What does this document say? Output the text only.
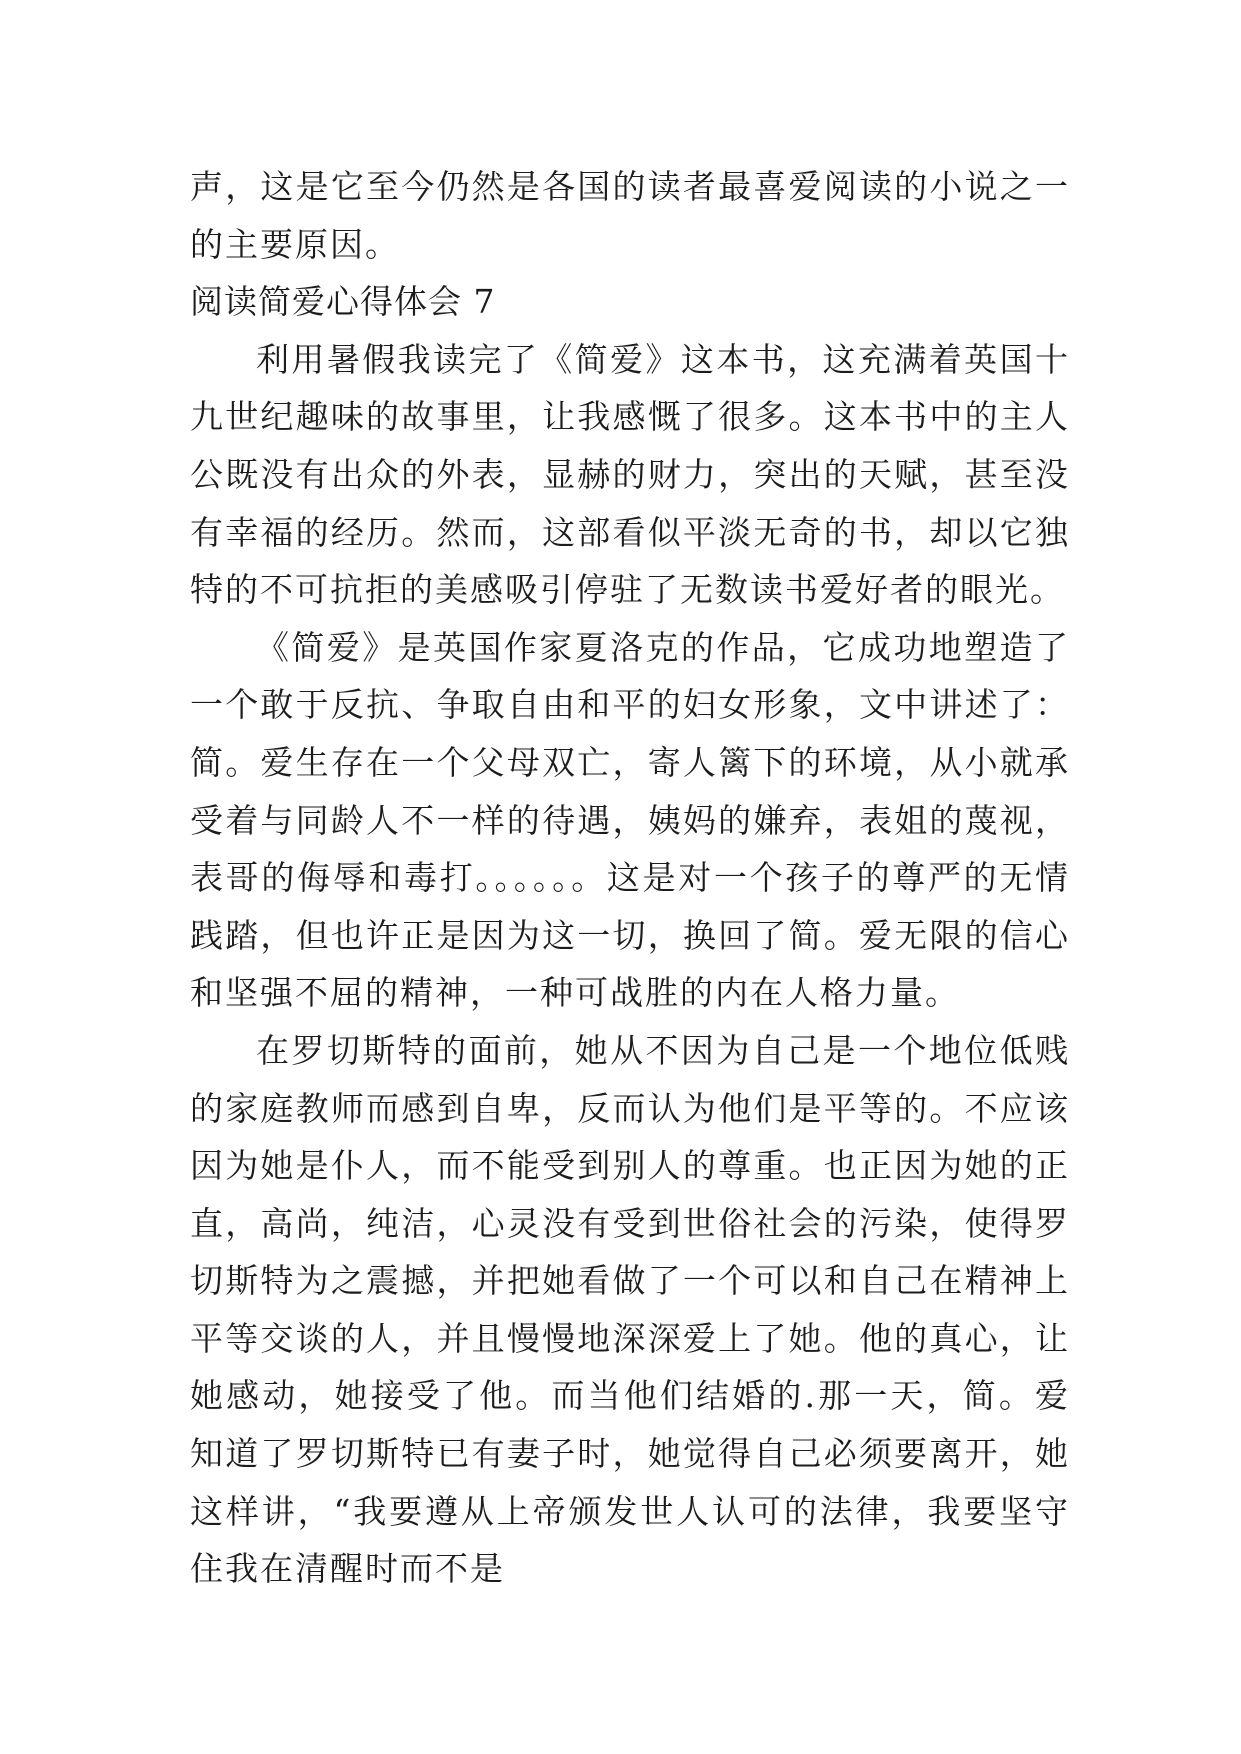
声，这是它至今仍然是各国的读者最喜爱阅读的小说之一的主要原因。

阅读简爱心得体会 7

利用暑假我读完了《简爱》这本书，这充满着英国十九世纪趣味的故事里，让我感慨了很多。这本书中的主人公既没有出众的外表，显赫的财力，突出的天赋，甚至没有幸福的经历。然而，这部看似平淡无奇的书，却以它独特的不可抗拒的美感吸引停驻了无数读书爱好者的眼光。

《简爱》是英国作家夏洛克的作品，它成功地塑造了一个敢于反抗、争取自由和平的妇女形象，文中讲述了：简。爱生存在一个父母双亡，寄人篱下的环境，从小就承受着与同龄人不一样的待遇，姨妈的嫌弃，表姐的蔑视，表哥的侮辱和毒打。。。。。。这是对一个孩子的尊严的无情践踏，但也许正是因为这一切，换回了简。爱无限的信心和坚强不屈的精神，一种可战胜的内在人格力量。

在罗切斯特的面前，她从不因为自己是一个地位低贱的家庭教师而感到自卑，反而认为他们是平等的。不应该因为她是仆人，而不能受到别人的尊重。也正因为她的正直，高尚，纯洁，心灵没有受到世俗社会的污染，使得罗切斯特为之震撼，并把她看做了一个可以和自己在精神上平等交谈的人，并且慢慢地深深爱上了她。他的真心，让她感动，她接受了他。而当他们结婚的.那一天，简。爱知道了罗切斯特已有妻子时，她觉得自己必须要离开，她这样讲，“我要遵从上帝颁发世人认可的法律，我要坚守住我在清醒时而不是
